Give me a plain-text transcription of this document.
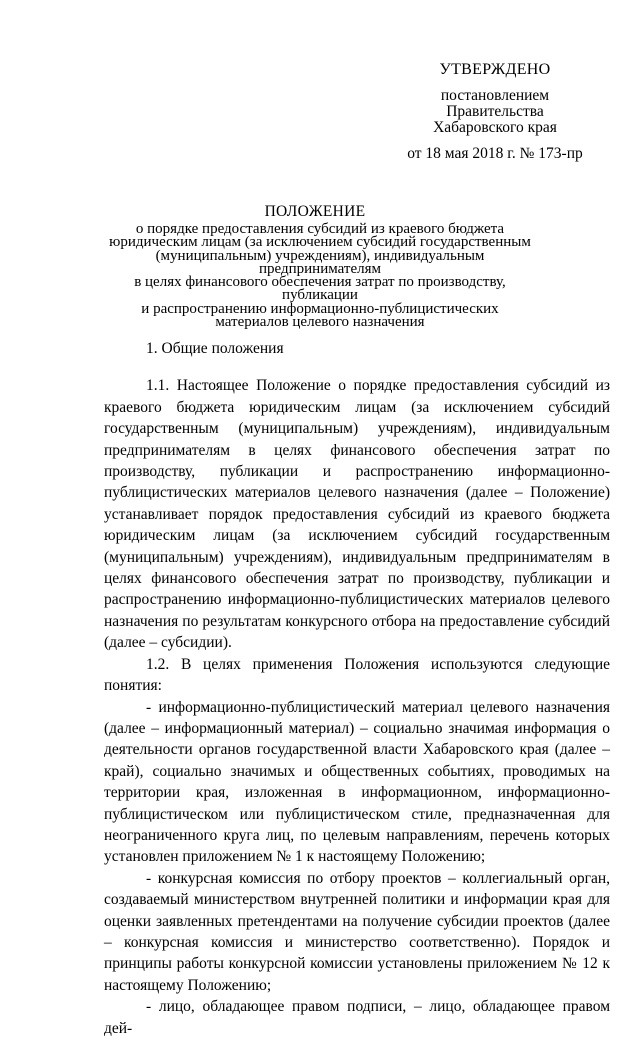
УТВЕРЖДЕНО
постановлением
Правительства
Хабаровского края
от 18 мая 2018 г. № 173-пр
ПОЛОЖЕНИЕ
о порядке предоставления субсидий из краевого бюджета
юридическим лицам (за исключением субсидий государственным
(муниципальным) учреждениям), индивидуальным предпринимателям
в целях финансового обеспечения затрат по производству, публикации
и распространению информационно-публицистических
материалов целевого назначения

1. Общие положения

1.1. Настоящее Положение о порядке предоставления субсидий из краевого бюджета юридическим лицам (за исключением субсидий государственным (муниципальным) учреждениям), индивидуальным предпринимателям в целях финансового обеспечения затрат по производству, публикации и распространению информационно-публицистических материалов целевого назначения (далее – Положение) устанавливает порядок предоставления субсидий из краевого бюджета юридическим лицам (за исключением субсидий государственным (муниципальным) учреждениям), индивидуальным предпринимателям в целях финансового обеспечения затрат по производству, публикации и распространению информационно-публицистических материалов целевого назначения по результатам конкурсного отбора на предоставление субсидий (далее – субсидии).

1.2. В целях применения Положения используются следующие понятия:

- информационно-публицистический материал целевого назначения (далее – информационный материал) – социально значимая информация о деятельности органов государственной власти Хабаровского края (далее – край), социально значимых и общественных событиях, проводимых на территории края, изложенная в информационном, информационно-публицистическом или публицистическом стиле, предназначенная для неограниченного круга лиц, по целевым направлениям, перечень которых установлен приложением № 1 к настоящему Положению;

- конкурсная комиссия по отбору проектов – коллегиальный орган, создаваемый министерством внутренней политики и информации края для оценки заявленных претендентами на получение субсидии проектов (далее – конкурсная комиссия и министерство соответственно). Порядок и принципы работы конкурсной комиссии установлены приложением № 12 к настоящему Положению;

- лицо, обладающее правом подписи, – лицо, обладающее правом дей-
